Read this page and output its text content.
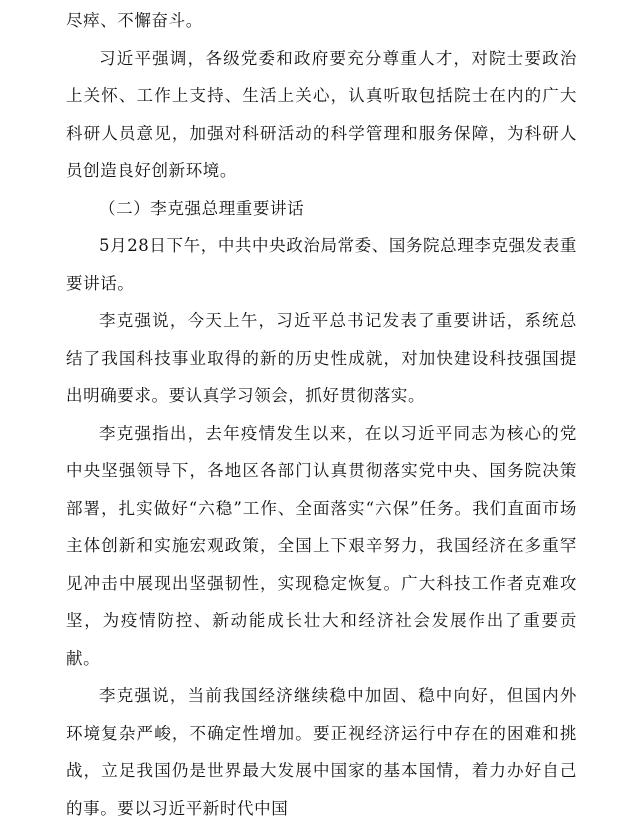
尽瘁、不懈奋斗。

习近平强调，各级党委和政府要充分尊重人才，对院士要政治上关怀、工作上支持、生活上关心，认真听取包括院士在内的广大科研人员意见，加强对科研活动的科学管理和服务保障，为科研人员创造良好创新环境。

（二）李克强总理重要讲话

5月28日下午，中共中央政治局常委、国务院总理李克强发表重要讲话。

李克强说，今天上午，习近平总书记发表了重要讲话，系统总结了我国科技事业取得的新的历史性成就，对加快建设科技强国提出明确要求。要认真学习领会，抓好贯彻落实。

李克强指出，去年疫情发生以来，在以习近平同志为核心的党中央坚强领导下，各地区各部门认真贯彻落实党中央、国务院决策部署，扎实做好“六稳”工作、全面落实“六保”任务。我们直面市场主体创新和实施宏观政策，全国上下艰辛努力，我国经济在多重罕见冲击中展现出坚强韧性，实现稳定恢复。广大科技工作者克难攻坚，为疫情防控、新动能成长壮大和经济社会发展作出了重要贡献。

李克强说，当前我国经济继续稳中加固、稳中向好，但国内外环境复杂严峻，不确定性增加。要正视经济运行中存在的困难和挑战，立足我国仍是世界最大发展中国家的基本国情，着力办好自己的事。要以习近平新时代中国
